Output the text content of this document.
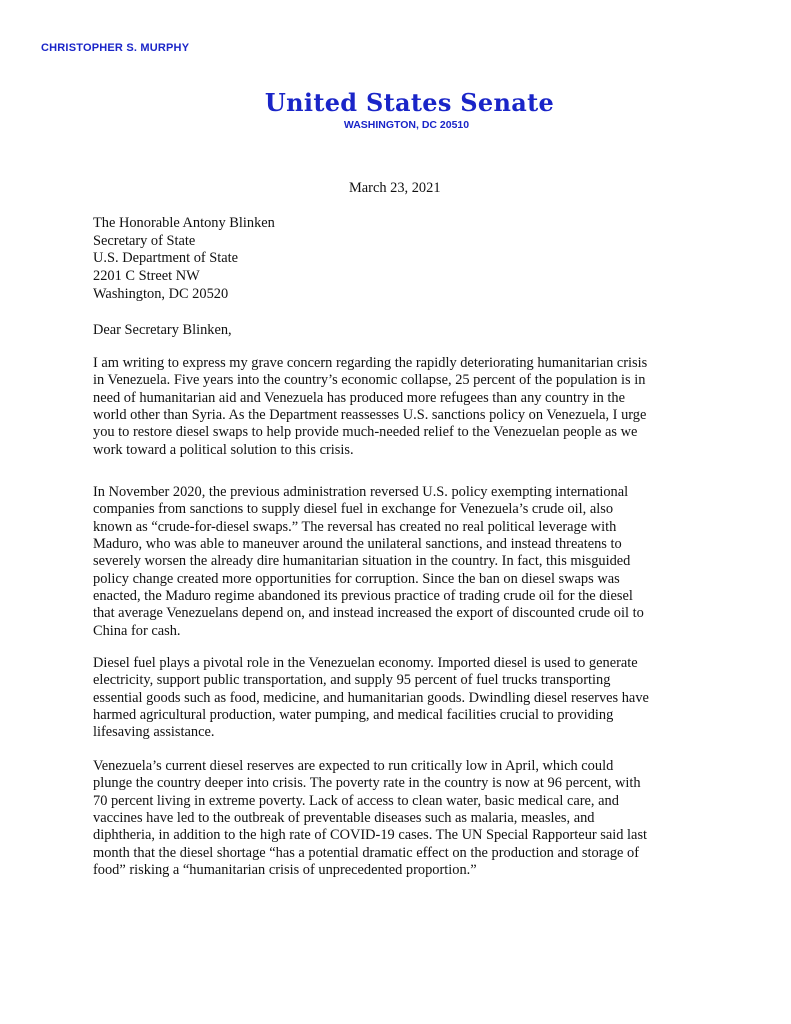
CHRISTOPHER S. MURPHY
United States Senate
WASHINGTON, DC 20510
March 23, 2021
The Honorable Antony Blinken
Secretary of State
U.S. Department of State
2201 C Street NW
Washington, DC 20520
Dear Secretary Blinken,
I am writing to express my grave concern regarding the rapidly deteriorating humanitarian crisis
in Venezuela. Five years into the country’s economic collapse, 25 percent of the population is in
need of humanitarian aid and Venezuela has produced more refugees than any country in the
world other than Syria. As the Department reassesses U.S. sanctions policy on Venezuela, I urge
you to restore diesel swaps to help provide much-needed relief to the Venezuelan people as we
work toward a political solution to this crisis.
In November 2020, the previous administration reversed U.S. policy exempting international
companies from sanctions to supply diesel fuel in exchange for Venezuela’s crude oil, also
known as “crude-for-diesel swaps.” The reversal has created no real political leverage with
Maduro, who was able to maneuver around the unilateral sanctions, and instead threatens to
severely worsen the already dire humanitarian situation in the country. In fact, this misguided
policy change created more opportunities for corruption. Since the ban on diesel swaps was
enacted, the Maduro regime abandoned its previous practice of trading crude oil for the diesel
that average Venezuelans depend on, and instead increased the export of discounted crude oil to
China for cash.
Diesel fuel plays a pivotal role in the Venezuelan economy. Imported diesel is used to generate
electricity, support public transportation, and supply 95 percent of fuel trucks transporting
essential goods such as food, medicine, and humanitarian goods. Dwindling diesel reserves have
harmed agricultural production, water pumping, and medical facilities crucial to providing
lifesaving assistance.
Venezuela’s current diesel reserves are expected to run critically low in April, which could
plunge the country deeper into crisis. The poverty rate in the country is now at 96 percent, with
70 percent living in extreme poverty. Lack of access to clean water, basic medical care, and
vaccines have led to the outbreak of preventable diseases such as malaria, measles, and
diphtheria, in addition to the high rate of COVID-19 cases. The UN Special Rapporteur said last
month that the diesel shortage “has a potential dramatic effect on the production and storage of
food” risking a “humanitarian crisis of unprecedented proportion.”
